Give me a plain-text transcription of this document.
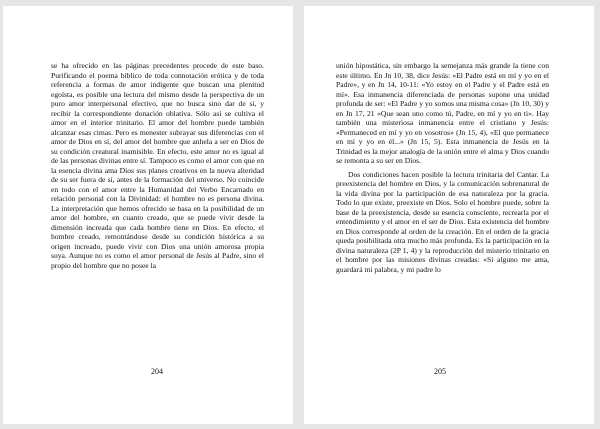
se ha ofrecido en las páginas precedentes procede de este baso. Purificando el poema bíblico de toda connotación erótica y de toda referencia a formas de amor indigente que buscan una plenitud egoísta, es posible una lectura del mismo desde la perspectiva de un puro amor interpersonal efectivo, que no busca sino dar de sí, y recibir la correspondiente donación oblativa. Sólo así se cultiva el amor en el interior trinitario. El amor del hombre puede también alcanzar esas cimas. Pero es menester subrayar sus diferencias con el amor de Dios en sí, del amor del hombre que anhela a ser en Dios de su condición creatural inamisible. En efecto, este amor no es igual al de las personas divinas entre sí. Tampoco es como el amor con que en la esencia divina ama Dios sus planes creativos en la nueva alteridad de su ser fuera de sí, antes de la formación del universo. No coincide en todo con el amor entre la Humanidad del Verbo Encarnado en relación personal con la Divinidad: el hombre no es persona divina. La interpretación que hemos ofrecido se basa en la posibilidad de un amor del hombre, en cuanto creado, que se puede vivir desde la dimensión increada que cada hombre tiene en Dios. En efecto, el hombre creado, remontándose desde su condición histórica a su origen increado, puede vivir con Dios una unión amorosa propia suya. Aunque no es como el amor personal de Jesús al Padre, sino el propio del hombre que no posee la

204

unión hipostática, sin embargo la semejanza más grande la tiene con este último. En Jn 10, 38, dice Jesús: «El Padre está en mí y yo en el Padre», y en Jn 14, 10-11: «Yo estoy en el Padre y el Padre está en mí». Esa inmanencia diferenciada de personas supone una unidad profunda de ser: «El Padre y yo somos una misma cosa» (Jn 10, 30) y en Jn 17, 21 «Que sean uno como tú, Padre, en mí y yo en ti». Hay también una misteriosa inmanencia entre el cristiano y Jesús: «Permaneced en mí y yo en vosotros» (Jn 15, 4), «El que permanece en mí y yo en él...» (Jn 15, 5). Esta inmanencia de Jesús en la Trinidad es la mejor analogía de la unión entre el alma y Dios cuando se remonta a su ser en Dios.

Dos condiciones hacen posible la lectura trinitaria del Cantar. La preexistencia del hombre en Dios, y la comunicación sobrenatural de la vida divina por la participación de esa naturaleza por la gracia. Todo lo que existe, preexiste en Dios. Solo el hombre puede, sobre la base de la preexistencia, desde su esencia consciente, recrearla por el entendimiento y el amor en el ser de Dios. Esta existencia del hombre en Dios corresponde al orden de la creación. En el orden de la gracia queda posibilitada otra mucho más profunda. Es la participación en la divina naturaleza (2P 1, 4) y la reproducción del misterio trinitario en el hombre por las misiones divinas creadas: «Si alguno me ama, guardará mi palabra, y mi padre lo

205
